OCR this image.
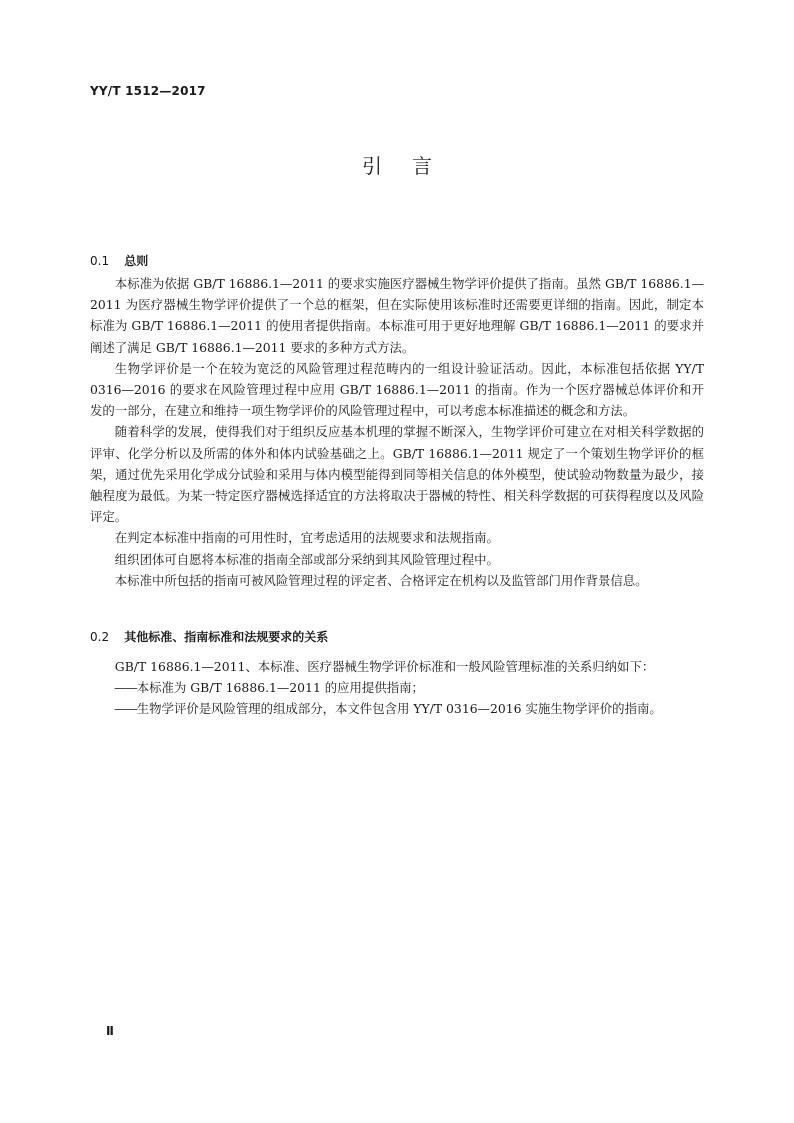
YY/T 1512—2017
引言
0.1 总则

本标准为依据 GB/T 16886.1—2011 的要求实施医疗器械生物学评价提供了指南。虽然 GB/T 16886.1—2011 为医疗器械生物学评价提供了一个总的框架，但在实际使用该标准时还需要更详细的指南。因此，制定本标准为 GB/T 16886.1—2011 的使用者提供指南。本标准可用于更好地理解 GB/T 16886.1—2011 的要求并阐述了满足 GB/T 16886.1—2011 要求的多种方式方法。

生物学评价是一个在较为宽泛的风险管理过程范畴内的一组设计验证活动。因此，本标准包括依据 YY/T 0316—2016 的要求在风险管理过程中应用 GB/T 16886.1—2011 的指南。作为一个医疗器械总体评价和开发的一部分，在建立和维持一项生物学评价的风险管理过程中，可以考虑本标准描述的概念和方法。

随着科学的发展，使得我们对于组织反应基本机理的掌握不断深入，生物学评价可建立在对相关科学数据的评审、化学分析以及所需的体外和体内试验基础之上。GB/T 16886.1—2011 规定了一个策划生物学评价的框架，通过优先采用化学成分试验和采用与体内模型能得到同等相关信息的体外模型，使试验动物数量为最少，接触程度为最低。为某一特定医疗器械选择适宜的方法将取决于器械的特性、相关科学数据的可获得程度以及风险评定。

在判定本标准中指南的可用性时，宜考虑适用的法规要求和法规指南。

组织团体可自愿将本标准的指南全部或部分采纳到其风险管理过程中。

本标准中所包括的指南可被风险管理过程的评定者、合格评定在机构以及监管部门用作背景信息。

0.2 其他标准、指南标准和法规要求的关系

GB/T 16886.1—2011、本标准、医疗器械生物学评价标准和一般风险管理标准的关系归纳如下：

——本标准为 GB/T 16886.1—2011 的应用提供指南；

——生物学评价是风险管理的组成部分，本文件包含用 YY/T 0316—2016 实施生物学评价的指南。

Ⅱ
